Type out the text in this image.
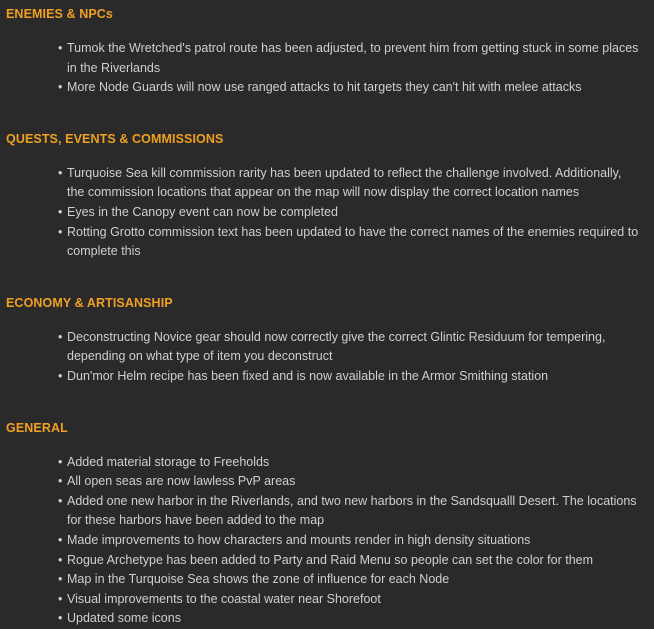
ENEMIES & NPCs
• Tumok the Wretched's patrol route has been adjusted, to prevent him from getting stuck in some places in the Riverlands
• More Node Guards will now use ranged attacks to hit targets they can't hit with melee attacks
QUESTS, EVENTS & COMMISSIONS
• Turquoise Sea kill commission rarity has been updated to reflect the challenge involved. Additionally, the commission locations that appear on the map will now display the correct location names
• Eyes in the Canopy event can now be completed
• Rotting Grotto commission text has been updated to have the correct names of the enemies required to complete this
ECONOMY & ARTISANSHIP
• Deconstructing Novice gear should now correctly give the correct Glintic Residuum for tempering, depending on what type of item you deconstruct
• Dun'mor Helm recipe has been fixed and is now available in the Armor Smithing station
GENERAL
• Added material storage to Freeholds
• All open seas are now lawless PvP areas
• Added one new harbor in the Riverlands, and two new harbors in the Sandsqualll Desert. The locations for these harbors have been added to the map
• Made improvements to how characters and mounts render in high density situations
• Rogue Archetype has been added to Party and Raid Menu so people can set the color for them
• Map in the Turquoise Sea shows the zone of influence for each Node
• Visual improvements to the coastal water near Shorefoot
• Updated some icons
